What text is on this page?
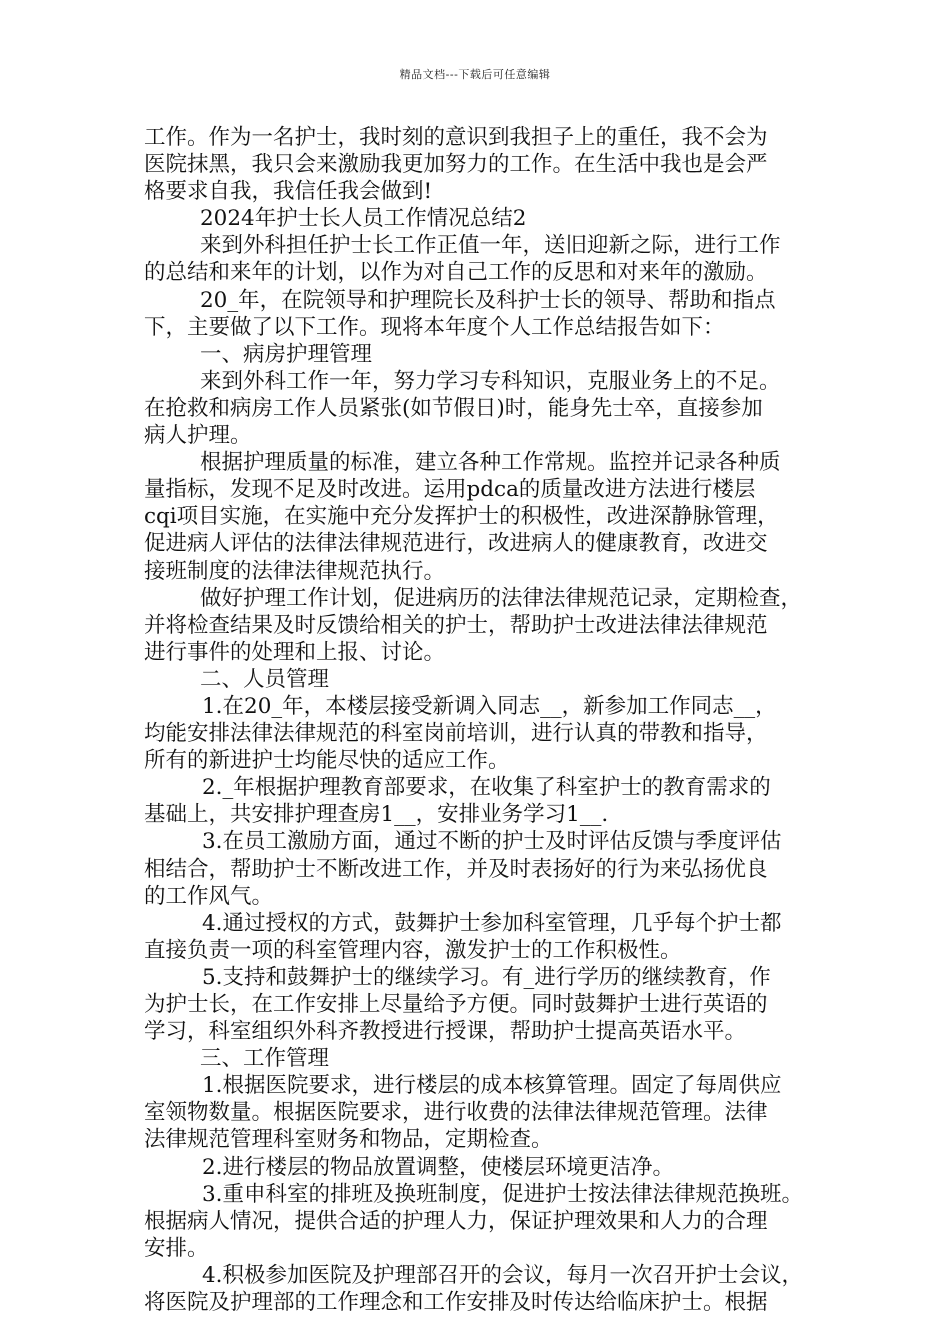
精品文档---下载后可任意编辑
工作。作为一名护士，我时刻的意识到我担子上的重任，我不会为
医院抹黑，我只会来激励我更加努力的工作。在生活中我也是会严
格要求自我，我信任我会做到!
2024年护士长人员工作情况总结2
来到外科担任护士长工作正值一年，送旧迎新之际，进行工作
的总结和来年的计划，以作为对自己工作的反思和对来年的激励。
20_年，在院领导和护理院长及科护士长的领导、帮助和指点
下，主要做了以下工作。现将本年度个人工作总结报告如下：
一、病房护理管理
来到外科工作一年，努力学习专科知识，克服业务上的不足。
在抢救和病房工作人员紧张(如节假日)时，能身先士卒，直接参加
病人护理。
根据护理质量的标准，建立各种工作常规。监控并记录各种质
量指标，发现不足及时改进。运用pdca的质量改进方法进行楼层
cqi项目实施，在实施中充分发挥护士的积极性，改进深静脉管理，
促进病人评估的法律法律规范进行，改进病人的健康教育，改进交
接班制度的法律法律规范执行。
做好护理工作计划，促进病历的法律法律规范记录，定期检查，
并将检查结果及时反馈给相关的护士，帮助护士改进法律法律规范
进行事件的处理和上报、讨论。
二、人员管理
1.在20_年，本楼层接受新调入同志__，新参加工作同志__，
均能安排法律法律规范的科室岗前培训，进行认真的带教和指导，
所有的新进护士均能尽快的适应工作。
2._年根据护理教育部要求，在收集了科室护士的教育需求的
基础上，共安排护理查房1__，安排业务学习1__.
3.在员工激励方面，通过不断的护士及时评估反馈与季度评估
相结合，帮助护士不断改进工作，并及时表扬好的行为来弘扬优良
的工作风气。
4.通过授权的方式，鼓舞护士参加科室管理，几乎每个护士都
直接负责一项的科室管理内容，激发护士的工作积极性。
5.支持和鼓舞护士的继续学习。有_进行学历的继续教育，作
为护士长，在工作安排上尽量给予方便。同时鼓舞护士进行英语的
学习，科室组织外科齐教授进行授课，帮助护士提高英语水平。
三、工作管理
1.根据医院要求，进行楼层的成本核算管理。固定了每周供应
室领物数量。根据医院要求，进行收费的法律法律规范管理。法律
法律规范管理科室财务和物品，定期检查。
2.进行楼层的物品放置调整，使楼层环境更洁净。
3.重申科室的排班及换班制度，促进护士按法律法律规范换班。
根据病人情况，提供合适的护理人力，保证护理效果和人力的合理
安排。
4.积极参加医院及护理部召开的会议，每月一次召开护士会议，
将医院及护理部的工作理念和工作安排及时传达给临床护士。根据
